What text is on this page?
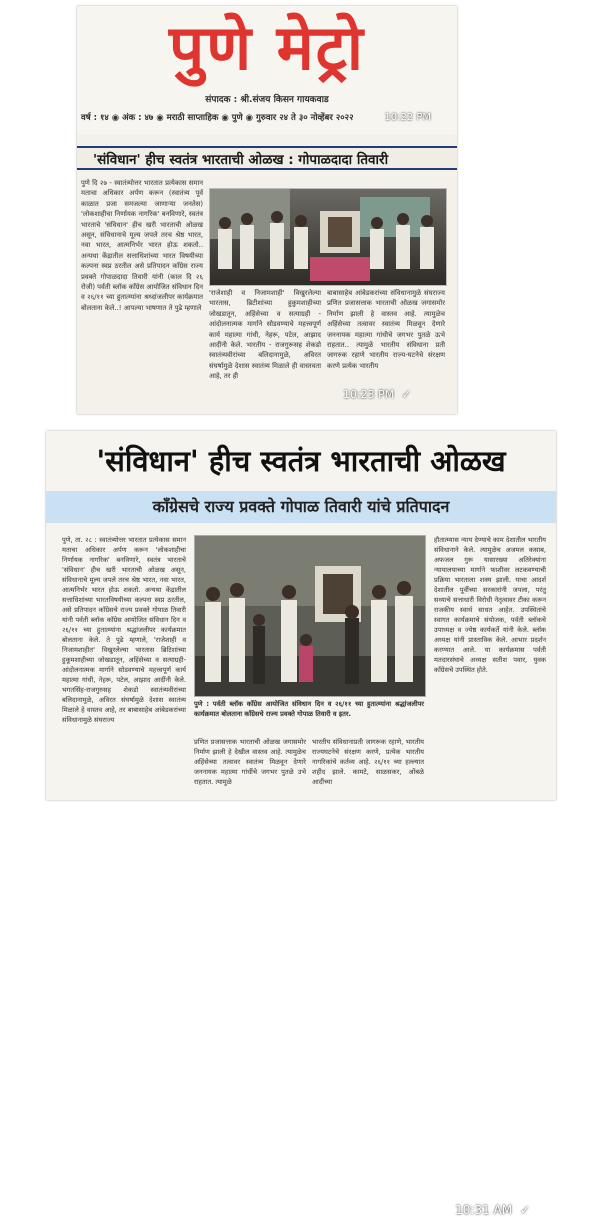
पुणे मेट्रो
संपादक : श्री.संजय किसन गायकवाड
वर्ष : १४ ◉ अंक : ४७ ◉ मराठी साप्ताहिक ◉ पुणे ◉ गुरुवार २४ ते ३० नोव्हेंबर २०२२	10:22 PM
'संविधान' हीच स्वतंत्र भारताची ओळख : गोपाळदादा तिवारी
पुणे दि २७ - स्वातंत्र्योत्तर भारतात प्रत्येकास समान मताचा अधिकार अर्पण करून (स्वातंत्र्य पूर्व काळात प्रजा समजल्या जाणाऱ्या जनतेस) 'लोकशाहीचा निर्णायक नागरिक' बनविणारे, स्वतंत्र भारताचे 'संविधान' हीच खरी भारताची ओळख असून, संविधानाचे मूल्य जपले तरच श्रेष्ठ भारत, नवा भारत, आत्मनिर्भर भारत होऊ शकतो.. अन्यथा केंद्रातील सत्ताधिशांच्या भारत विषयीच्या कल्पना स्वप्न ठरतील असे प्रतिपादन काँग्रेस राज्य प्रवक्ते गोपाळदादा तिवारी यांनी (काल दि २६ रोजी) पर्वती ब्लॉक काँग्रेस आयोजित संविधान दिन व २६/११ च्या हुतात्म्यांना श्रध्दांजलीपर कार्यक्रमात बोलताना केले..! आपल्या भाषणात ते पुढे म्हणाले
'राजेशाही व निजामशाही' विखुरलेल्या भारतास, ब्रिटीशांच्या हुकुमशाहीच्या जोखडातून, अहिंसेच्या व सत्याग्रही - आंदोलनात्मक मार्गाने सोडवण्याचे महत्त्वपूर्ण कार्य महात्मा गांधी, नेहरू, पटेल, आझाद आदींनी केले. भारतीय - राजगुरूसह शेकडो स्वातंत्र्यवीरांच्या बलिदानामुळे, अविरत संघर्षामुळे देशास स्वातंत्र्य मिळाले ही वास्तवता आहे, तर ही
बाबासाहेब आंबेडकरांच्या संविधानामुळे संघराज्य प्रणित प्रजासत्ताक भारताची ओळख जगासमोर निर्माण झाली हे वास्तव आहे. त्यामुळेच अहिंसेच्या तत्वावर स्वातंत्र्य मिळवून देणारे जननायक महात्मा गांधीचे जगभर पुतळे ऊभे राहतात.. त्यामुळे भारतीय संविधाना प्रती जागरुक रहाणे भारतीय राज्य-घटनेचे संरक्षण करणे प्रत्येक भारतीय
10:23 PM ✓
'संविधान' हीच स्वतंत्र भारताची ओळख
काँग्रेसचे राज्य प्रवक्ते गोपाळ तिवारी यांचे प्रतिपादन
पुणे, ता. २८ : स्वातंत्र्योत्तर भारतात प्रत्येकास समान मताचा अधिकार अर्पण करून 'लोकशाहीचा निर्णायक नागरिक' बनविणारे, स्वतंत्र भारताचे 'संविधान' हीच खरी भारताची ओळख असून, संविधानाचे मूल्य जपले तरच श्रेष्ठ भारत, नवा भारत, आत्मनिर्भर भारत होऊ शकतो. अन्यथा केंद्रातील सत्ताधिशांच्या भारतविषयीच्या कल्पना स्वप्न ठरतील, असे प्रतिपादन काँग्रेसचे राज्य प्रवक्ते गोपाळ तिवारी यांनी पर्वती ब्लॉक काँग्रेस आयोजित संविधान दिन व २६/११ च्या हुतात्म्यांना श्रद्धांजलीपर कार्यक्रमात बोलताना केले. ते पुढे म्हणाले, 'राजेशाही व निजामशाहीत' विखुरलेल्या भारतास ब्रिटिशांच्या हुकूमशाहीच्या जोखडातून, अहिंसेच्या व सत्याग्रही-आंदोलनात्मक मार्गाने सोडवण्याचे महत्त्वपूर्ण कार्य महात्मा गांधी, नेहरू, पटेल, आझाद आदींनी केले. भगतसिंह-राजगुरुसह शेकडो स्वातंत्र्यवीरांच्या बलिदानामुळे, अविरत संघर्षामुळे देशास स्वातंत्र्य मिळाले हे वास्तव आहे, तर बाबासाहेब आंबेडकरांच्या संविधानामुळे संघराज्य
पुणे : पर्वती ब्लॉक काँग्रेस आयोजित संविधान दिन व २६/११ च्या हुतात्म्यांना श्रद्धांजलीपर कार्यक्रमात बोलताना काँग्रेसचे राज्य प्रवक्ते गोपाळ तिवारी व इतर.
प्रणित प्रजासत्ताक भारताची ओळख जगासमोर निर्माण झाली हे देखील वास्तव आहे. त्यामुळेच अहिंसेच्या तत्वावर स्वातंत्र्य मिळवून देणारे जननायक महात्मा गांधींचे जगभर पुतळे उभे राहतात. त्यामुळे
भारतीय संविधानाप्रती जागरूक रहाणे, भारतीय राज्यघटनेचे संरक्षण करणे, प्रत्येक भारतीय नागरिकांचे कर्तव्य आहे. २६/११ च्या हल्ल्यात शहीद झाले. कामटे, साळसकर, ओंबळे आदींच्या
हौतात्म्यास न्याय देण्याचे काम देशातील भारतीय संविधानाने केले. त्यामुळेच अजमल कसाब, अफजल गुरू यासारख्या अतिरेक्यांना न्यायालयाच्या मार्गाने फाशीवर लटकवण्याची प्रक्रिया भारताला शक्य झाली. याचा आदर्श देशातील पूर्वीच्या सरकारांनी जपला, परंतु सध्याचे सत्ताधारी विरोधी नेतृत्वावर टीका करून राजकीय स्वार्थ साधत आहेत. उपस्थितांचे स्वागत कार्यक्रमाचे संयोजक, पर्वती ब्लॉकचे उपाध्यक्ष व ज्येष्ठ कार्यकर्ते यांनी केले. ब्लॉक अध्यक्ष यांनी प्रास्ताविक केले. आभार प्रदर्शन करण्यात आले. या कार्यक्रमास पर्वती मतदारसंघाचे अध्यक्ष सतीश पवार, युवक काँग्रेसचे उपस्थित होते.
10:31 AM ✓
